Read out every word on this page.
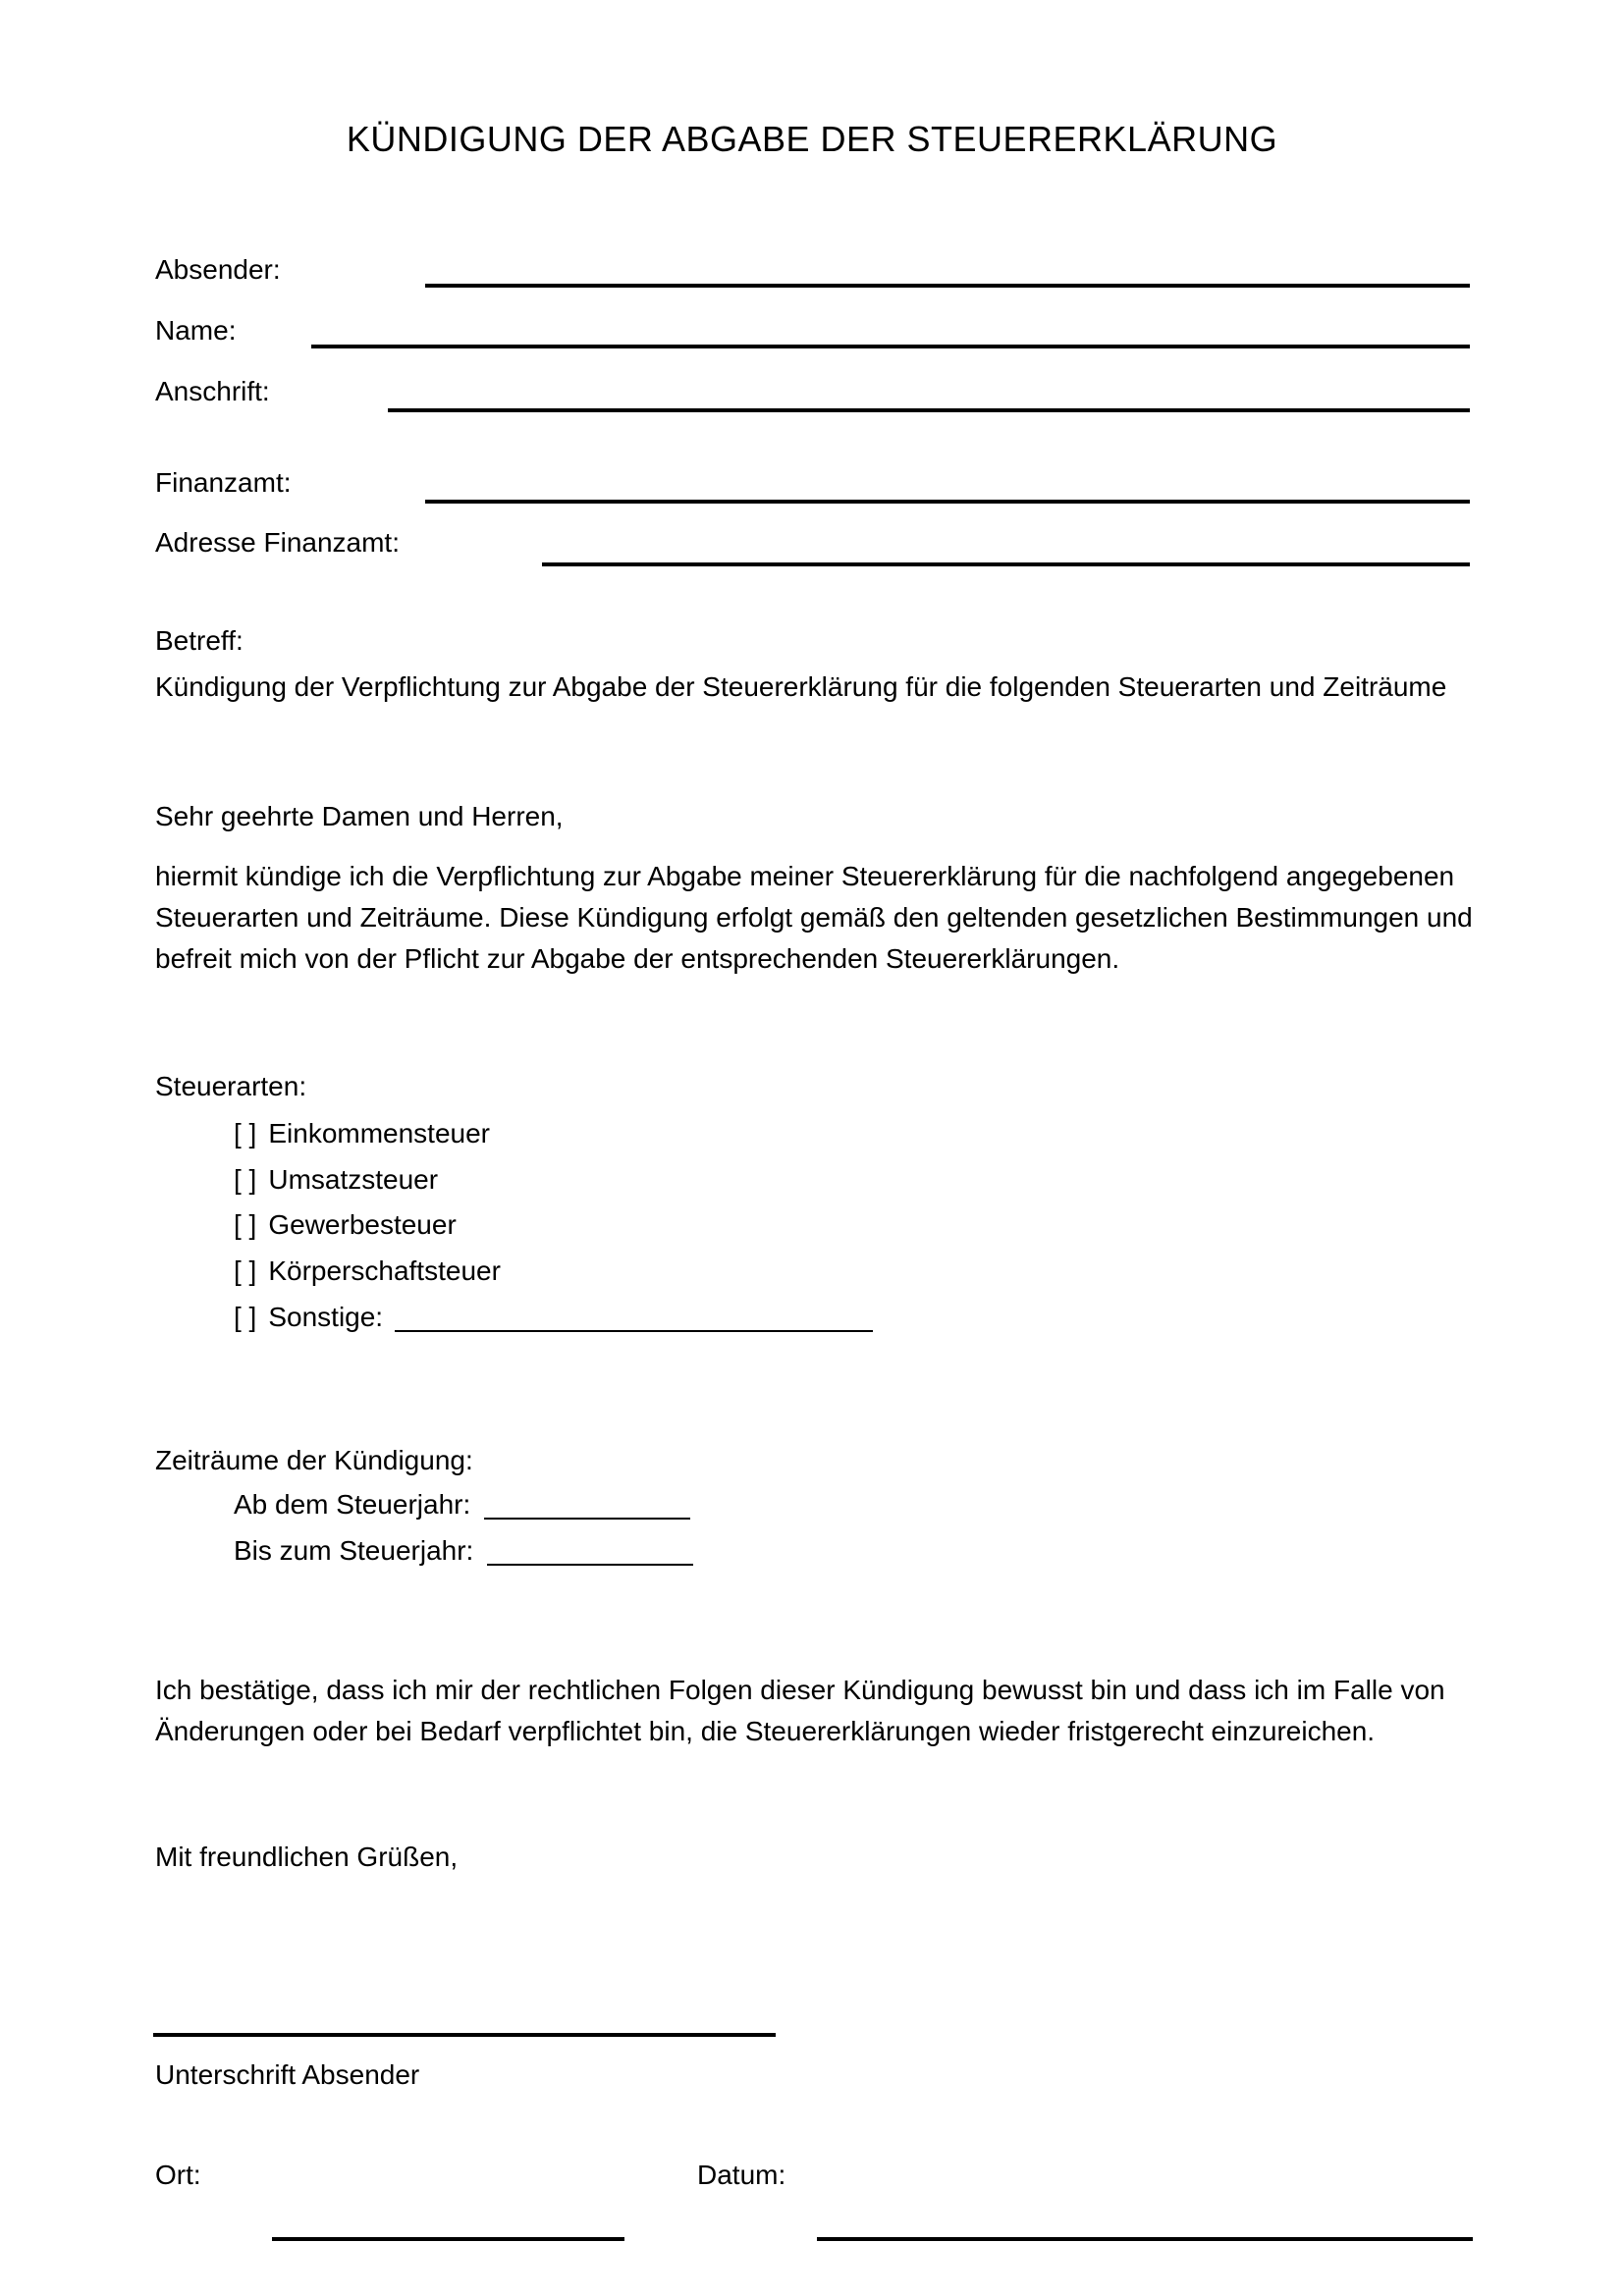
KÜNDIGUNG DER ABGABE DER STEUERERKLÄRUNG
Absender:
Name:
Anschrift:
Finanzamt:
Adresse Finanzamt:
Betreff:
Kündigung der Verpflichtung zur Abgabe der Steuererklärung für die folgenden Steuerarten und Zeiträume
Sehr geehrte Damen und Herren,
hiermit kündige ich die Verpflichtung zur Abgabe meiner Steuererklärung für die nachfolgend angegebenen
Steuerarten und Zeiträume. Diese Kündigung erfolgt gemäß den geltenden gesetzlichen Bestimmungen und
befreit mich von der Pflicht zur Abgabe der entsprechenden Steuererklärungen.
Steuerarten:
[ ] Einkommensteuer
[ ] Umsatzsteuer
[ ] Gewerbesteuer
[ ] Körperschaftsteuer
[ ] Sonstige:
Zeiträume der Kündigung:
Ab dem Steuerjahr:
Bis zum Steuerjahr:
Ich bestätige, dass ich mir der rechtlichen Folgen dieser Kündigung bewusst bin und dass ich im Falle von
Änderungen oder bei Bedarf verpflichtet bin, die Steuererklärungen wieder fristgerecht einzureichen.
Mit freundlichen Grüßen,
Unterschrift Absender
Ort:	Datum:
